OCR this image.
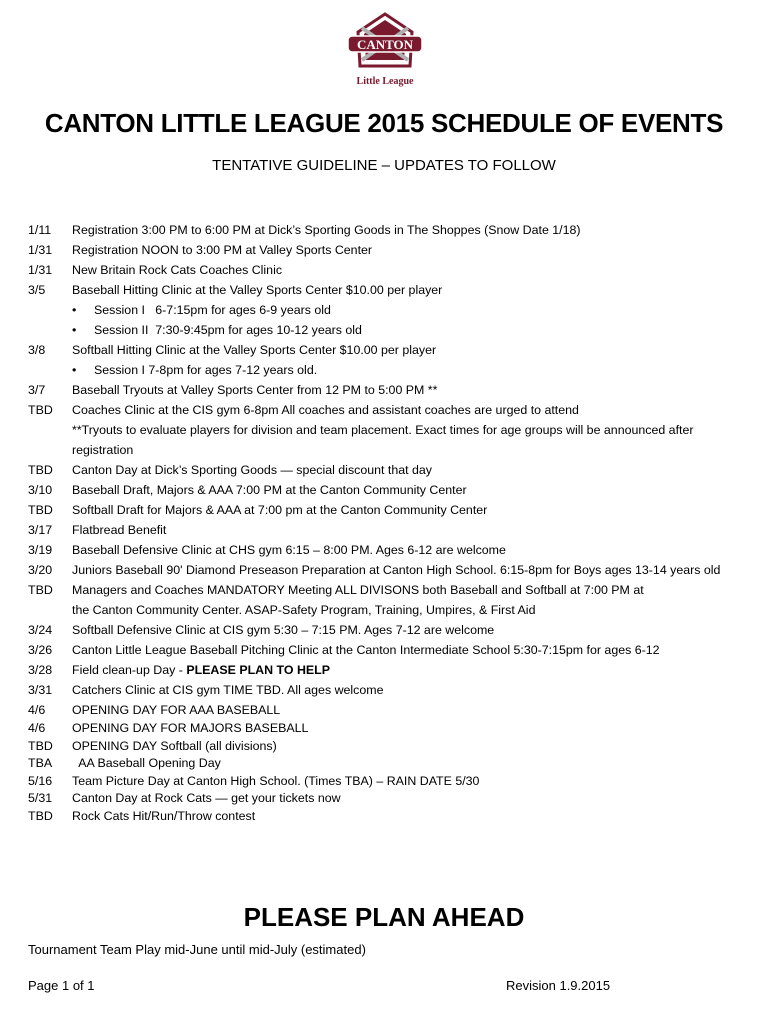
CANTON
Little League
CANTON LITTLE LEAGUE 2015 SCHEDULE OF EVENTS
TENTATIVE GUIDELINE – UPDATES TO FOLLOW
1/11 Registration 3:00 PM to 6:00 PM at Dick’s Sporting Goods in The Shoppes (Snow Date 1/18)
1/31 Registration NOON to 3:00 PM at Valley Sports Center
1/31 New Britain Rock Cats Coaches Clinic
3/5 Baseball Hitting Clinic at the Valley Sports Center $10.00 per player
• Session I   6-7:15pm for ages 6-9 years old
• Session II  7:30-9:45pm for ages 10-12 years old
3/8 Softball Hitting Clinic at the Valley Sports Center $10.00 per player
• Session I 7-8pm for ages 7-12 years old.
3/7 Baseball Tryouts at Valley Sports Center from 12 PM to 5:00 PM **
TBD Coaches Clinic at the CIS gym 6-8pm All coaches and assistant coaches are urged to attend
**Tryouts to evaluate players for division and team placement. Exact times for age groups will be announced after
registration
TBD Canton Day at Dick’s Sporting Goods — special discount that day
3/10 Baseball Draft, Majors & AAA 7:00 PM at the Canton Community Center
TBD Softball Draft for Majors & AAA at 7:00 pm at the Canton Community Center
3/17 Flatbread Benefit
3/19 Baseball Defensive Clinic at CHS gym 6:15 – 8:00 PM. Ages 6-12 are welcome
3/20 Juniors Baseball 90' Diamond Preseason Preparation at Canton High School. 6:15-8pm for Boys ages 13-14 years old
TBD Managers and Coaches MANDATORY Meeting ALL DIVISONS both Baseball and Softball at 7:00 PM at
the Canton Community Center. ASAP-Safety Program, Training, Umpires, & First Aid
3/24 Softball Defensive Clinic at CIS gym 5:30 – 7:15 PM. Ages 7-12 are welcome
3/26 Canton Little League Baseball Pitching Clinic at the Canton Intermediate School 5:30-7:15pm for ages 6-12
3/28 Field clean-up Day - PLEASE PLAN TO HELP
3/31 Catchers Clinic at CIS gym TIME TBD. All ages welcome
4/6 OPENING DAY FOR AAA BASEBALL
4/6 OPENING DAY FOR MAJORS BASEBALL
TBD OPENING DAY Softball (all divisions)
TBA AA Baseball Opening Day
5/16 Team Picture Day at Canton High School. (Times TBA) – RAIN DATE 5/30
5/31 Canton Day at Rock Cats — get your tickets now
TBD Rock Cats Hit/Run/Throw contest
PLEASE PLAN AHEAD
Tournament Team Play mid-June until mid-July (estimated)
Page 1 of 1	Revision 1.9.2015
